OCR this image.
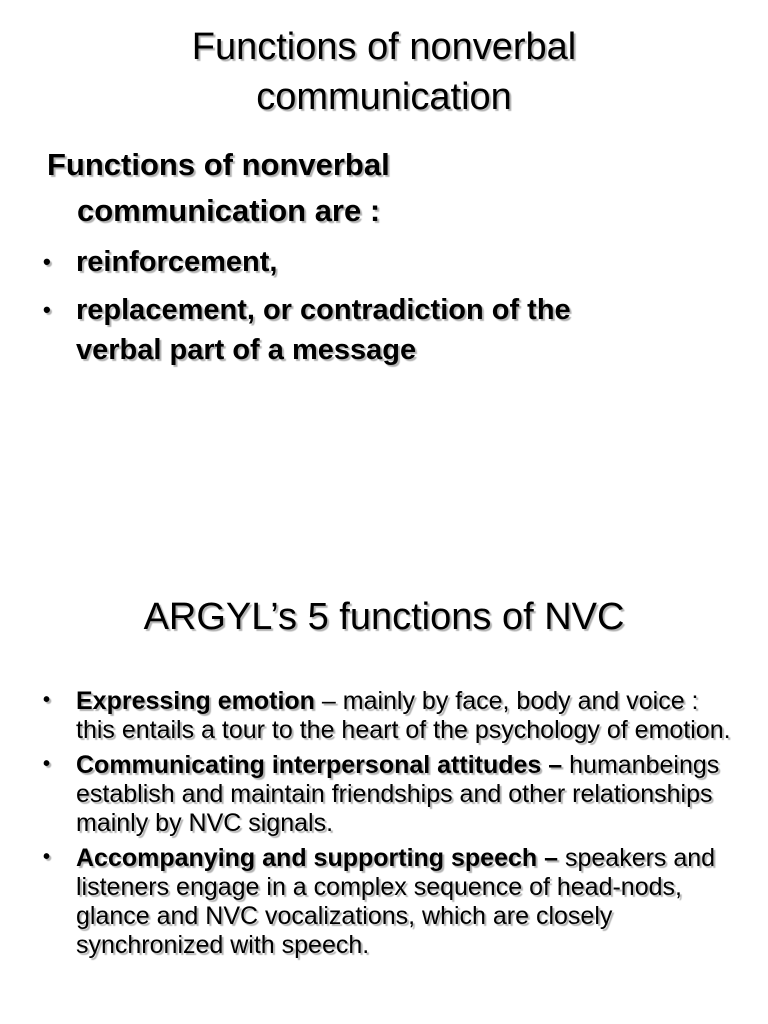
Functions of nonverbal
communication
Functions of nonverbal
communication are :
• reinforcement,
• replacement, or contradiction of the
verbal part of a message
ARGYL’s 5 functions of NVC
• Expressing emotion – mainly by face, body and voice : this entails a tour to the heart of the psychology of emotion.
• Communicating interpersonal attitudes – humanbeings establish and maintain friendships and other relationships mainly by NVC signals.
• Accompanying and supporting speech – speakers and listeners engage in a complex sequence of head-nods, glance and NVC vocalizations, which are closely synchronized with speech.
